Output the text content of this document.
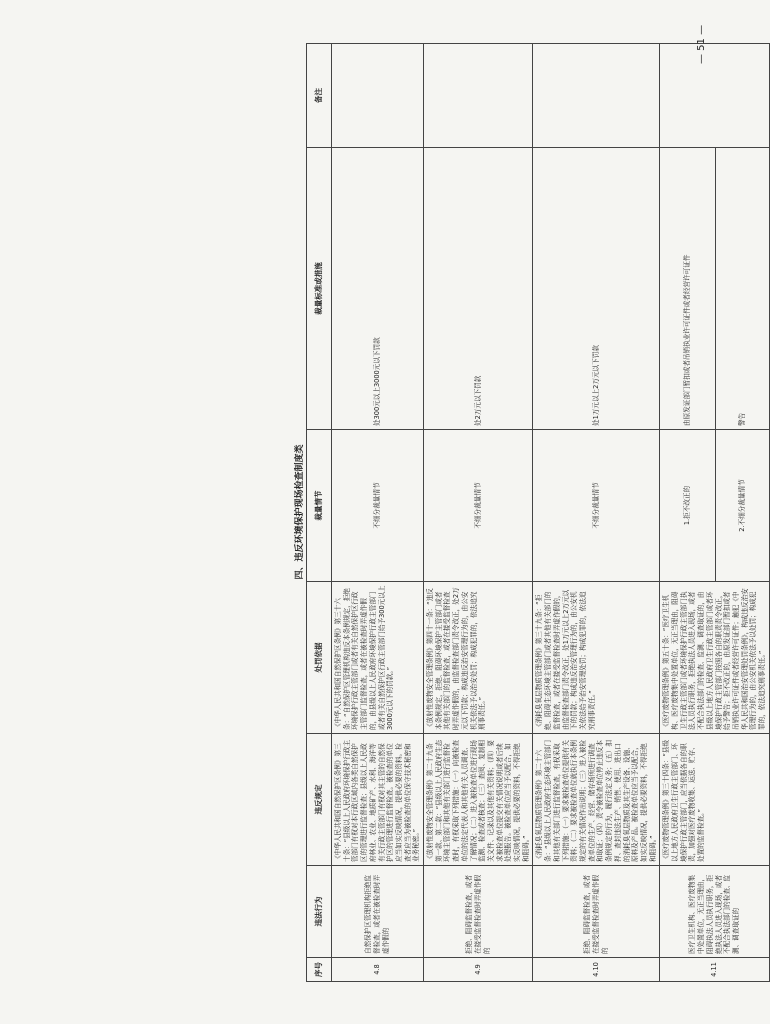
四、违反环境保护现场检查制度类
序号	违法行为	违反规定	处罚依据	裁量情节	裁量标准或措施	备注
4.8	自然保护区管理机构拒绝监督检查，或者在被检查时弄虚作假的	《中华人民共和国自然保护区条例》第三十条：“县级以上人民政府环境保护行政主管部门有权对本行政区域内各类自然保护区的管理进行监督检查；县级以上人民政府林业、农业、地质矿产、水利、海洋等有关行政主管部门有权对其主管的自然保护区的管理进行监督检查。被检查的单位应当如实反映情况，提供必要的资料。检查者应当为被检查的单位保守技术秘密和业务秘密。”	《中华人民共和国自然保护区条例》第三十六条：“自然保护区管理机构违反本条例规定，拒绝环境保护行政主管部门或者有关自然保护区行政主管部门监督检查，或者在被检查时弄虚作假的，由县级以上人民政府环境保护行政主管部门或者有关自然保护区行政主管部门给予300元以上3000元以下的罚款。”	不细分裁量情节	处300元以上3000元以下罚款	
4.9	拒绝、阻碍监督检查，或者在接受监督检查时弄虚作假的	《放射性废物安全管理条例》第二十九条第一款、第二款：“县级以上人民政府生态环境主管部门和其他有关部门进行监督检查时，有权采取下列措施：（一）向被检查单位的法定代表人和其他有关人员调查、了解情况；（二）进入被检查单位进行现场监测、检查或者核查；（三）查阅、复制相关文件、记录以及其他有关资料；（四）要求被检查单位提交有关情况说明或者后续处理报告。被检查单位应当予以配合，如实反映情况，提供必要的资料，不得拒绝和阻碍。”	《放射性废物安全管理条例》第四十一条：“违反本条例规定，拒绝、阻碍环境保护主管部门或者其他有关部门的监督检查，或者在接受监督检查时弄虚作假的，由监督检查部门责令改正，处2万元以下罚款；构成违反治安管理行为的，由公安机关依法予以治安处罚；构成犯罪的，依法追究刑事责任。”	不细分裁量情节	处2万元以下罚款	
4.10	拒绝、阻碍监督检查，或者在接受监督检查时弄虚作假的	《消耗臭氧层物质管理条例》第二十六条：“县级以上人民政府生态环境主管部门和其他有关部门进行监督检查，有权采取下列措施：（一）要求被检查单位提供有关资料；（二）要求被检查单位就执行本条例规定的有关情况作出说明；（三）进入被检查单位的生产、经营、储存场所进行调查和取证；（四）责令被检查单位停止违反本条例规定的行为，履行法定义务；（五）扣押、查封违法生产、销售、使用、进出口的消耗臭氧层物质及其生产设备、设施、原料及产品。被检查单位应当予以配合，如实反映情况，提供必要资料，不得拒绝和阻碍。”	《消耗臭氧层物质管理条例》第三十九条：“拒绝、阻碍生态环境主管部门或者其他有关部门的监督检查，或者在接受监督检查时弄虚作假的，由监督检查部门责令改正，处1万元以上2万元以下的罚款；构成违反治安管理行为的，由公安机关依法给予治安管理处罚；构成犯罪的，依法追究刑事责任。”	不细分裁量情节	处1万元以上2万元以下罚款	
4.11	医疗卫生机构、医疗废物集中处置单位，无正当理由，阻碍执法人员执行职务，拒绝执法人员进入现场，或者不配合执法部门的检查、监测、调查取证的	《医疗废物管理条例》第三十四条：“县级以上地方人民政府卫生行政主管部门、环境保护行政主管部门，应当依据各自的职责，加强对医疗废物收集、运送、贮存、处置的监督检查。”	《医疗废物管理条例》第五十条：“医疗卫生机构、医疗废物集中处置单位，无正当理由，阻碍卫生行政主管部门或者环境保护行政主管部门执法人员执行职务，拒绝执法人员进入现场，或者不配合执法部门的检查、监测、调查取证的，由县级以上地方人民政府卫生行政主管部门或者环境保护行政主管部门按照各自的职责责令改正，给予警告；拒不改正的，由原发证部门暂扣或者吊销执业许可证件或者经营许可证件；触犯《中华人民共和国治安管理处罚条例》，构成违反治安管理行为的，由公安机关依法予以处罚；构成犯罪的，依法追究刑事责任。”	1.拒不改正的	由原发证部门暂扣或者吊销执业许可证件或者经营许可证件	
				2.不细分裁量情节	警告	
— 51 —
